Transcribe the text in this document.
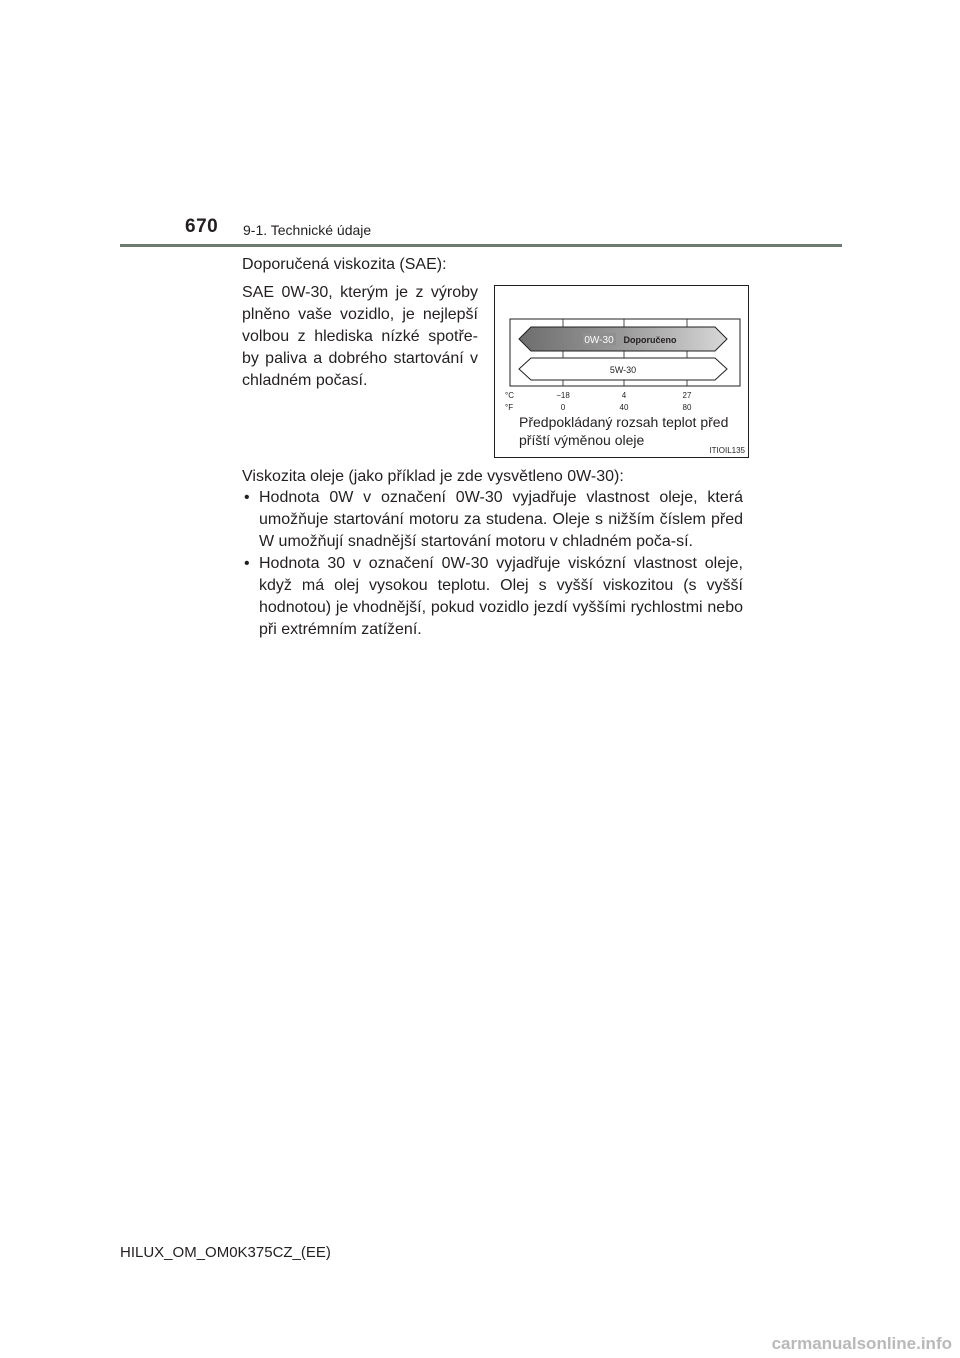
670 9-1. Technické údaje
Doporučená viskozita (SAE):
SAE 0W-30, kterým je z výroby plněno vaše vozidlo, je nejlepší volbou z hlediska nízké spotře-by paliva a dobrého startování v chladném počasí.
0W-30 Doporučeno
5W-30
°C
°F
−18	4	27
0	40	80
Předpokládaný rozsah teplot před příští výměnou oleje
ITIOIL135
Viskozita oleje (jako příklad je zde vysvětleno 0W-30):
• Hodnota 0W v označení 0W-30 vyjadřuje vlastnost oleje, která umožňuje startování motoru za studena. Oleje s nižším číslem před W umožňují snadnější startování motoru v chladném poča-sí.
• Hodnota 30 v označení 0W-30 vyjadřuje viskózní vlastnost oleje, když má olej vysokou teplotu. Olej s vyšší viskozitou (s vyšší hodnotou) je vhodnější, pokud vozidlo jezdí vyššími rychlostmi nebo při extrémním zatížení.
HILUX_OM_OM0K375CZ_(EE)
carmanualsonline.info
